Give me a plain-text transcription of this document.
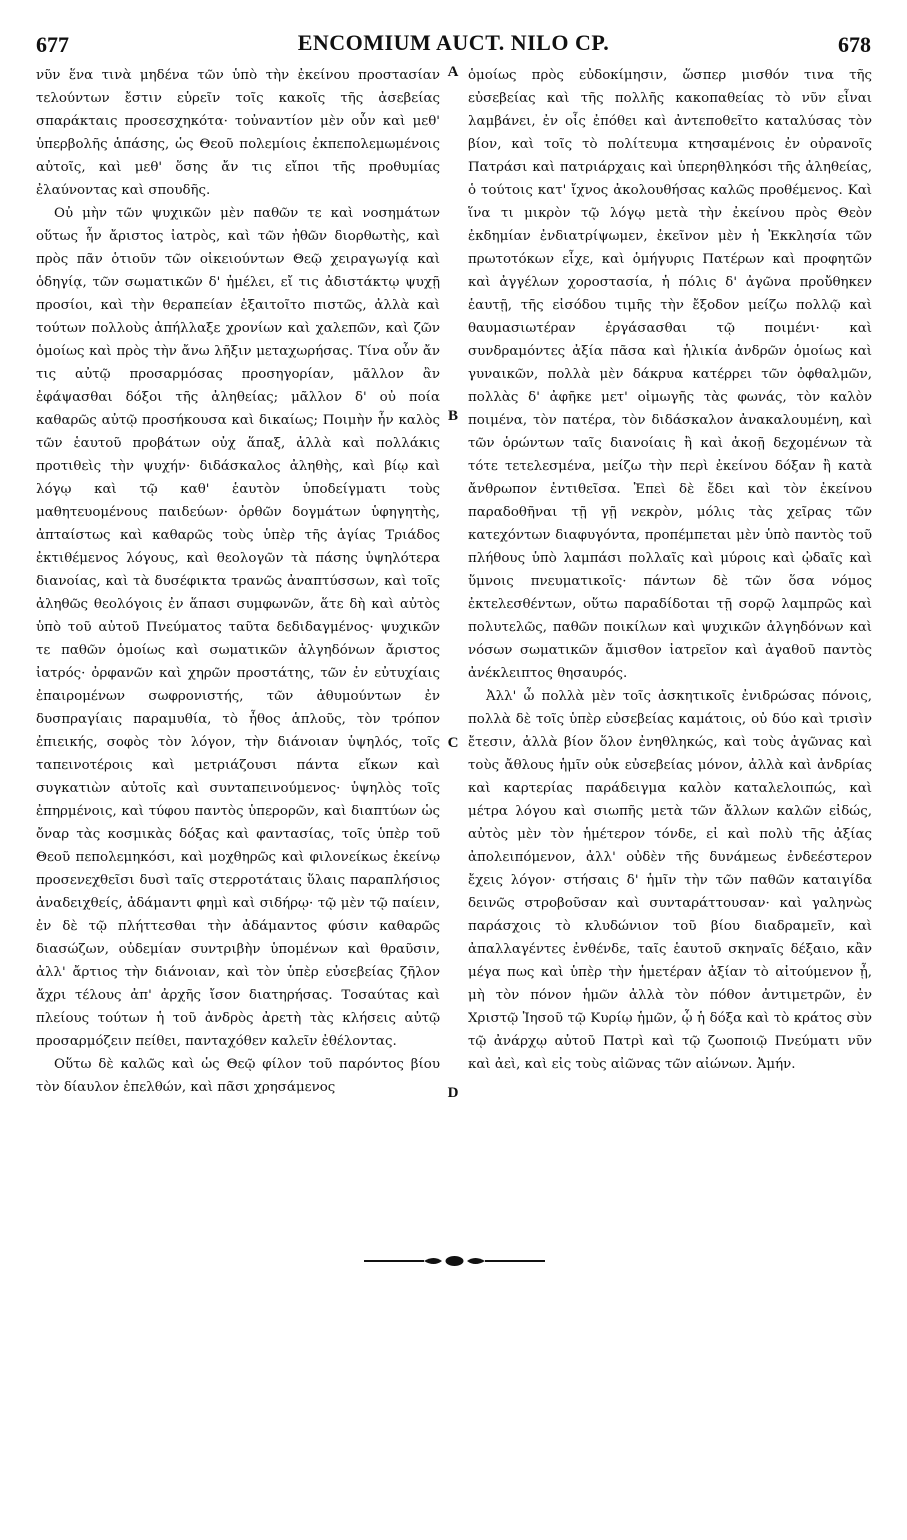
677	ENCOMIUM AUCT. NILO CP.	678

νῦν ἕνα τινὰ μηδένα τῶν ὑπὸ τὴν ἐκείνου προστασίαν τελούντων ἔστιν εὑρεῖν τοῖς κακοῖς τῆς ἀσεβείας σπαράκταις προσεσχηκότα· τοὐναντίον μὲν οὖν καὶ μεθ' ὑπερβολῆς ἁπάσης, ὡς Θεοῦ πολεμίοις ἐκπεπολεμωμένοις αὐτοῖς, καὶ μεθ' ὅσης ἄν τις εἴποι τῆς προθυμίας ἐλαύνοντας καὶ σπουδῆς.

Οὐ μὴν τῶν ψυχικῶν μὲν παθῶν τε καὶ νοσημάτων οὕτως ἦν ἄριστος ἰατρὸς, καὶ τῶν ἠθῶν διορθωτὴς, καὶ πρὸς πᾶν ὁτιοῦν τῶν οἰκειούντων Θεῷ χειραγωγίᾳ καὶ ὁδηγίᾳ, τῶν σωματικῶν δ' ἠμέλει, εἴ τις ἀδιστάκτῳ ψυχῇ προσίοι, καὶ τὴν θεραπείαν ἐξαιτοῖτο πιστῶς, ἀλλὰ καὶ τούτων πολλοὺς ἀπήλλαξε χρονίων καὶ χαλεπῶν, καὶ ζῶν ὁμοίως καὶ πρὸς τὴν ἄνω λῆξιν μεταχωρήσας. Τίνα οὖν ἄν τις αὐτῷ προσαρμόσας προσηγορίαν, μᾶλλον ἂν ἐφάψασθαι δόξοι τῆς ἀληθείας; μᾶλλον δ' οὐ ποία καθαρῶς αὐτῷ προσήκουσα καὶ δικαίως; Ποιμὴν ἦν καλὸς τῶν ἑαυτοῦ προβάτων οὐχ ἅπαξ, ἀλλὰ καὶ πολλάκις προτιθεὶς τὴν ψυχήν· διδάσκαλος ἀληθὴς, καὶ βίῳ καὶ λόγῳ καὶ τῷ καθ' ἑαυτὸν ὑποδείγματι τοὺς μαθητευομένους παιδεύων· ὀρθῶν δογμάτων ὑφηγητὴς, ἀπταίστως καὶ καθαρῶς τοὺς ὑπὲρ τῆς ἁγίας Τριάδος ἐκτιθέμενος λόγους, καὶ θεολογῶν τὰ πάσης ὑψηλότερα διανοίας, καὶ τὰ δυσέφικτα τρανῶς ἀναπτύσσων, καὶ τοῖς ἀληθῶς θεολόγοις ἐν ἅπασι συμφωνῶν, ἅτε δὴ καὶ αὐτὸς ὑπὸ τοῦ αὐτοῦ Πνεύματος ταῦτα δεδιδαγμένος· ψυχικῶν τε παθῶν ὁμοίως καὶ σωματικῶν ἀλγηδόνων ἄριστος ἰατρός· ὀρφανῶν καὶ χηρῶν προστάτης, τῶν ἐν εὐτυχίαις ἐπαιρομένων σωφρονιστής, τῶν ἀθυμούντων ἐν δυσπραγίαις παραμυθία, τὸ ἦθος ἁπλοῦς, τὸν τρόπον ἐπιεικής, σοφὸς τὸν λόγον, τὴν διάνοιαν ὑψηλός, τοῖς ταπεινοτέροις καὶ μετριάζουσι πάντα εἴκων καὶ συγκατιὼν αὐτοῖς καὶ συνταπεινούμενος· ὑψηλὸς τοῖς ἐπηρμένοις, καὶ τύφου παντὸς ὑπερορῶν, καὶ διαπτύων ὡς ὄναρ τὰς κοσμικὰς δόξας καὶ φαντασίας, τοῖς ὑπὲρ τοῦ Θεοῦ πεπολεμηκόσι, καὶ μοχθηρῶς καὶ φιλονείκως ἐκείνῳ προσενεχθεῖσι δυσὶ ταῖς στερροτάταις ὕλαις παραπλήσιος ἀναδειχθείς, ἀδάμαντι φημὶ καὶ σιδήρῳ· τῷ μὲν τῷ παίειν, ἐν δὲ τῷ πλήττεσθαι τὴν ἀδάμαντος φύσιν καθαρῶς διασώζων, οὐδεμίαν συντριβὴν ὑπομένων καὶ θραῦσιν, ἀλλ' ἄρτιος τὴν διάνοιαν, καὶ τὸν ὑπὲρ εὐσεβείας ζῆλον ἄχρι τέλους ἀπ' ἀρχῆς ἴσον διατηρήσας. Τοσαύτας καὶ πλείους τούτων ἡ τοῦ ἀνδρὸς ἀρετὴ τὰς κλήσεις αὐτῷ προσαρμόζειν πείθει, πανταχόθεν καλεῖν ἐθέλοντας.

Οὕτω δὲ καλῶς καὶ ὡς Θεῷ φίλον τοῦ παρόντος βίου τὸν δίαυλον ἐπελθών, καὶ πᾶσι χρησάμενος

A
B
C
D

ὁμοίως πρὸς εὐδοκίμησιν, ὥσπερ μισθόν τινα τῆς εὐσεβείας καὶ τῆς πολλῆς κακοπαθείας τὸ νῦν εἶναι λαμβάνει, ἐν οἷς ἐπόθει καὶ ἀντεποθεῖτο καταλύσας τὸν βίον, καὶ τοῖς τὸ πολίτευμα κτησαμένοις ἐν οὐρανοῖς Πατράσι καὶ πατριάρχαις καὶ ὑπερηθληκόσι τῆς ἀληθείας, ὁ τούτοις κατ' ἴχνος ἀκολουθήσας καλῶς προθέμενος. Καὶ ἵνα τι μικρὸν τῷ λόγῳ μετὰ τὴν ἐκείνου πρὸς Θεὸν ἐκδημίαν ἐνδιατρίψωμεν, ἐκεῖνον μὲν ἡ Ἐκκλησία τῶν πρωτοτόκων εἶχε, καὶ ὁμήγυρις Πατέρων καὶ προφητῶν καὶ ἀγγέλων χοροστασία, ἡ πόλις δ' ἀγῶνα προὔθηκεν ἑαυτῇ, τῆς εἰσόδου τιμῆς τὴν ἔξοδον μείζω πολλῷ καὶ θαυμασιωτέραν ἐργάσασθαι τῷ ποιμένι· καὶ συνδραμόντες ἀξία πᾶσα καὶ ἡλικία ἀνδρῶν ὁμοίως καὶ γυναικῶν, πολλὰ μὲν δάκρυα κατέρρει τῶν ὀφθαλμῶν, πολλὰς δ' ἀφῆκε μετ' οἰμωγῆς τὰς φωνάς, τὸν καλὸν ποιμένα, τὸν πατέρα, τὸν διδάσκαλον ἀνακαλουμένη, καὶ τῶν ὁρώντων ταῖς διανοίαις ἢ καὶ ἀκοῇ δεχομένων τὰ τότε τετελεσμένα, μείζω τὴν περὶ ἐκείνου δόξαν ἢ κατὰ ἄνθρωπον ἐντιθεῖσα. Ἐπεὶ δὲ ἔδει καὶ τὸν ἐκείνου παραδοθῆναι τῇ γῇ νεκρὸν, μόλις τὰς χεῖρας τῶν κατεχόντων διαφυγόντα, προπέμπεται μὲν ὑπὸ παντὸς τοῦ πλήθους ὑπὸ λαμπάσι πολλαῖς καὶ μύροις καὶ ᾠδαῖς καὶ ὕμνοις πνευματικοῖς· πάντων δὲ τῶν ὅσα νόμος ἐκτελεσθέντων, οὕτω παραδίδοται τῇ σορῷ λαμπρῶς καὶ πολυτελῶς, παθῶν ποικίλων καὶ ψυχικῶν ἀλγηδόνων καὶ νόσων σωματικῶν ἄμισθον ἰατρεῖον καὶ ἀγαθοῦ παντὸς ἀνέκλειπτος θησαυρός.

Ἀλλ' ὦ πολλὰ μὲν τοῖς ἀσκητικοῖς ἐνιδρώσας πόνοις, πολλὰ δὲ τοῖς ὑπὲρ εὐσεβείας καμάτοις, οὐ δύο καὶ τρισὶν ἔτεσιν, ἀλλὰ βίον ὅλον ἐνηθληκώς, καὶ τοὺς ἀγῶνας καὶ τοὺς ἄθλους ἡμῖν οὐκ εὐσεβείας μόνον, ἀλλὰ καὶ ἀνδρίας καὶ καρτερίας παράδειγμα καλὸν καταλελοιπώς, καὶ μέτρα λόγου καὶ σιωπῆς μετὰ τῶν ἄλλων καλῶν εἰδώς, αὐτὸς μὲν τὸν ἡμέτερον τόνδε, εἰ καὶ πολὺ τῆς ἀξίας ἀπολειπόμενον, ἀλλ' οὐδὲν τῆς δυνάμεως ἐνδεέστερον ἔχεις λόγον· στήσαις δ' ἡμῖν τὴν τῶν παθῶν καταιγίδα δεινῶς στροβοῦσαν καὶ συνταράττουσαν· καὶ γαληνὼς παράσχοις τὸ κλυδώνιον τοῦ βίου διαδραμεῖν, καὶ ἀπαλλαγέντες ἐνθένδε, ταῖς ἑαυτοῦ σκηναῖς δέξαιο, κἂν μέγα πως καὶ ὑπὲρ τὴν ἡμετέραν ἀξίαν τὸ αἰτούμενον ᾖ, μὴ τὸν πόνον ἡμῶν ἀλλὰ τὸν πόθον ἀντιμετρῶν, ἐν Χριστῷ Ἰησοῦ τῷ Κυρίῳ ἡμῶν, ᾧ ἡ δόξα καὶ τὸ κράτος σὺν τῷ ἀνάρχῳ αὐτοῦ Πατρὶ καὶ τῷ ζωοποιῷ Πνεύματι νῦν καὶ ἀεὶ, καὶ εἰς τοὺς αἰῶνας τῶν αἰώνων. Ἀμήν.
